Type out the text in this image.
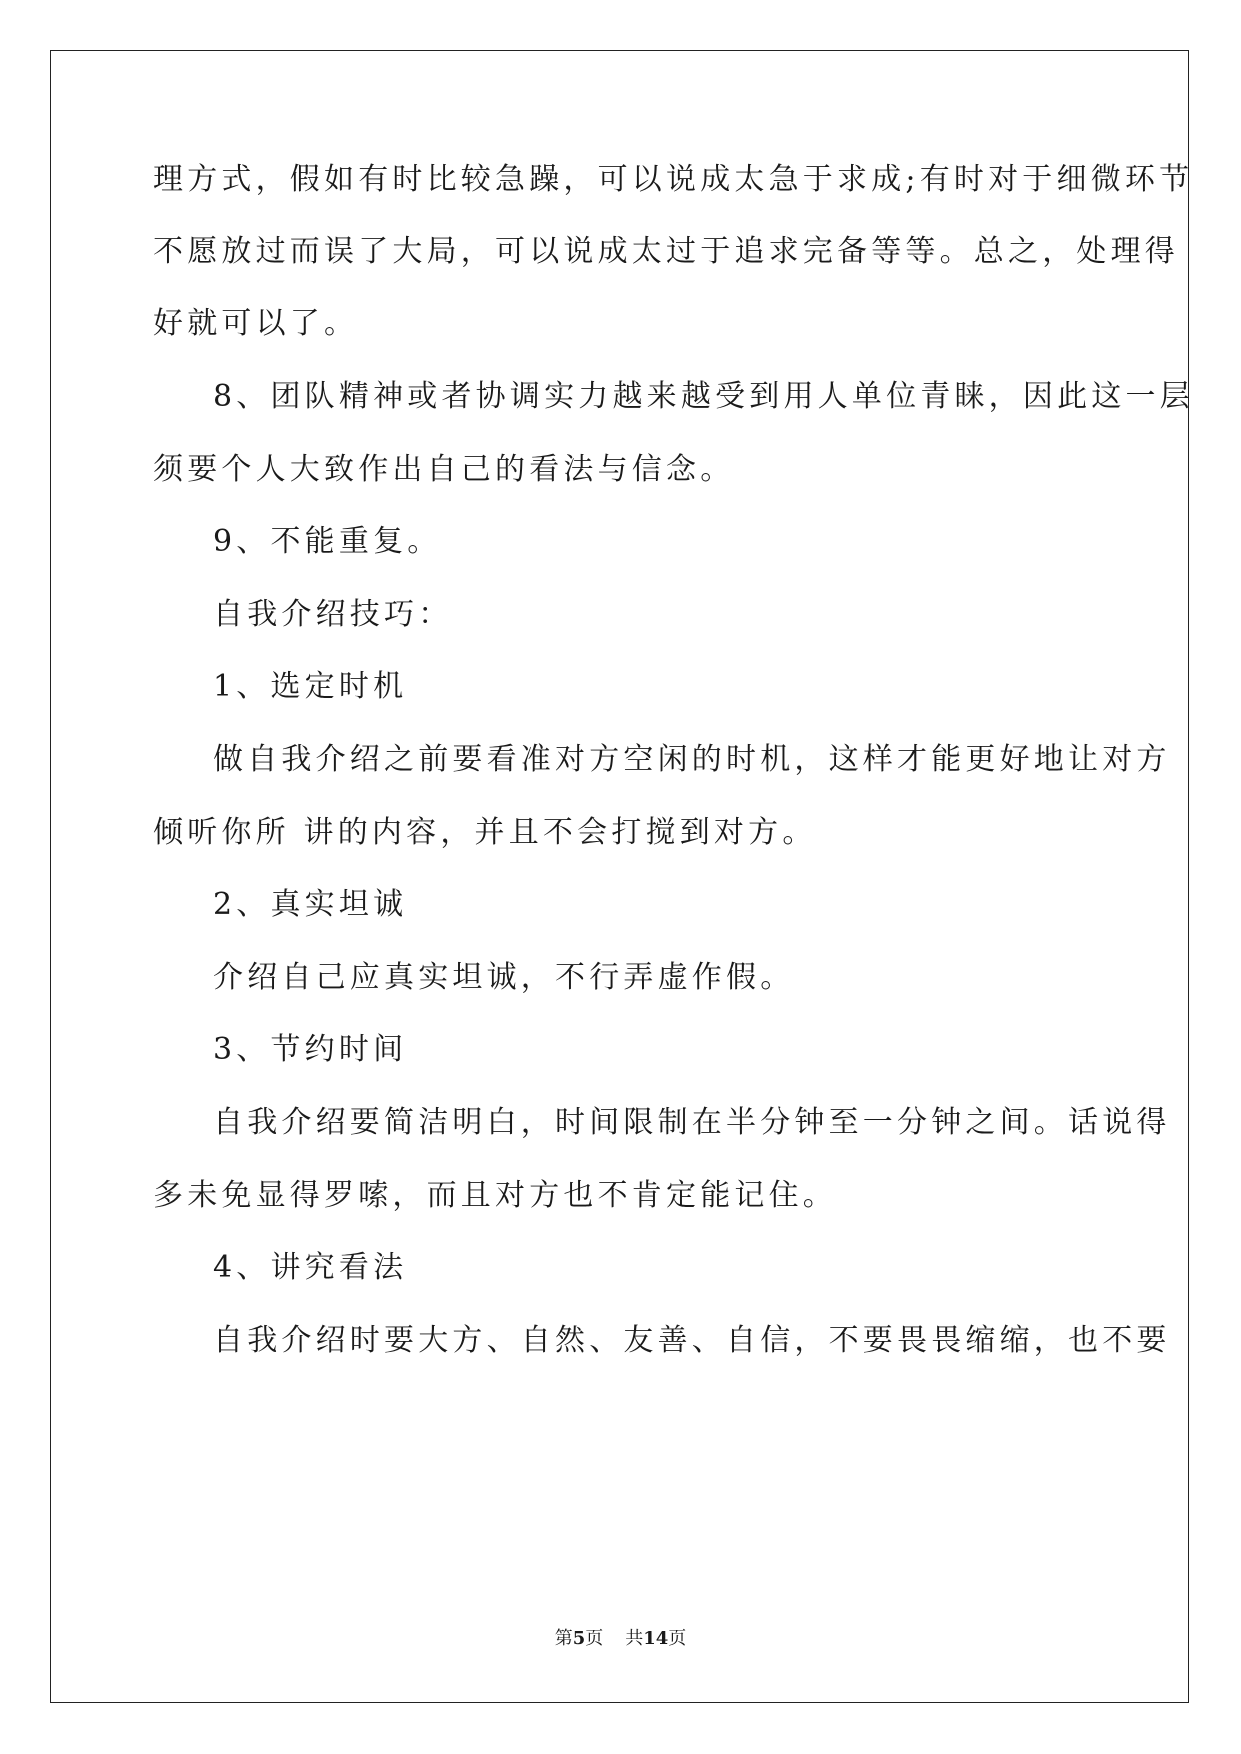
理方式，假如有时比较急躁，可以说成太急于求成;有时对于细微环节
不愿放过而误了大局，可以说成太过于追求完备等等。总之，处理得
好就可以了。
8、团队精神或者协调实力越来越受到用人单位青睐，因此这一层
须要个人大致作出自己的看法与信念。
9、不能重复。
自我介绍技巧：
1、选定时机
做自我介绍之前要看准对方空闲的时机，这样才能更好地让对方
倾听你所 讲的内容，并且不会打搅到对方。
2、真实坦诚
介绍自己应真实坦诚，不行弄虚作假。
3、节约时间
自我介绍要简洁明白，时间限制在半分钟至一分钟之间。话说得
多未免显得罗嗦，而且对方也不肯定能记住。
4、讲究看法
自我介绍时要大方、自然、友善、自信，不要畏畏缩缩，也不要
第5页 共14页
